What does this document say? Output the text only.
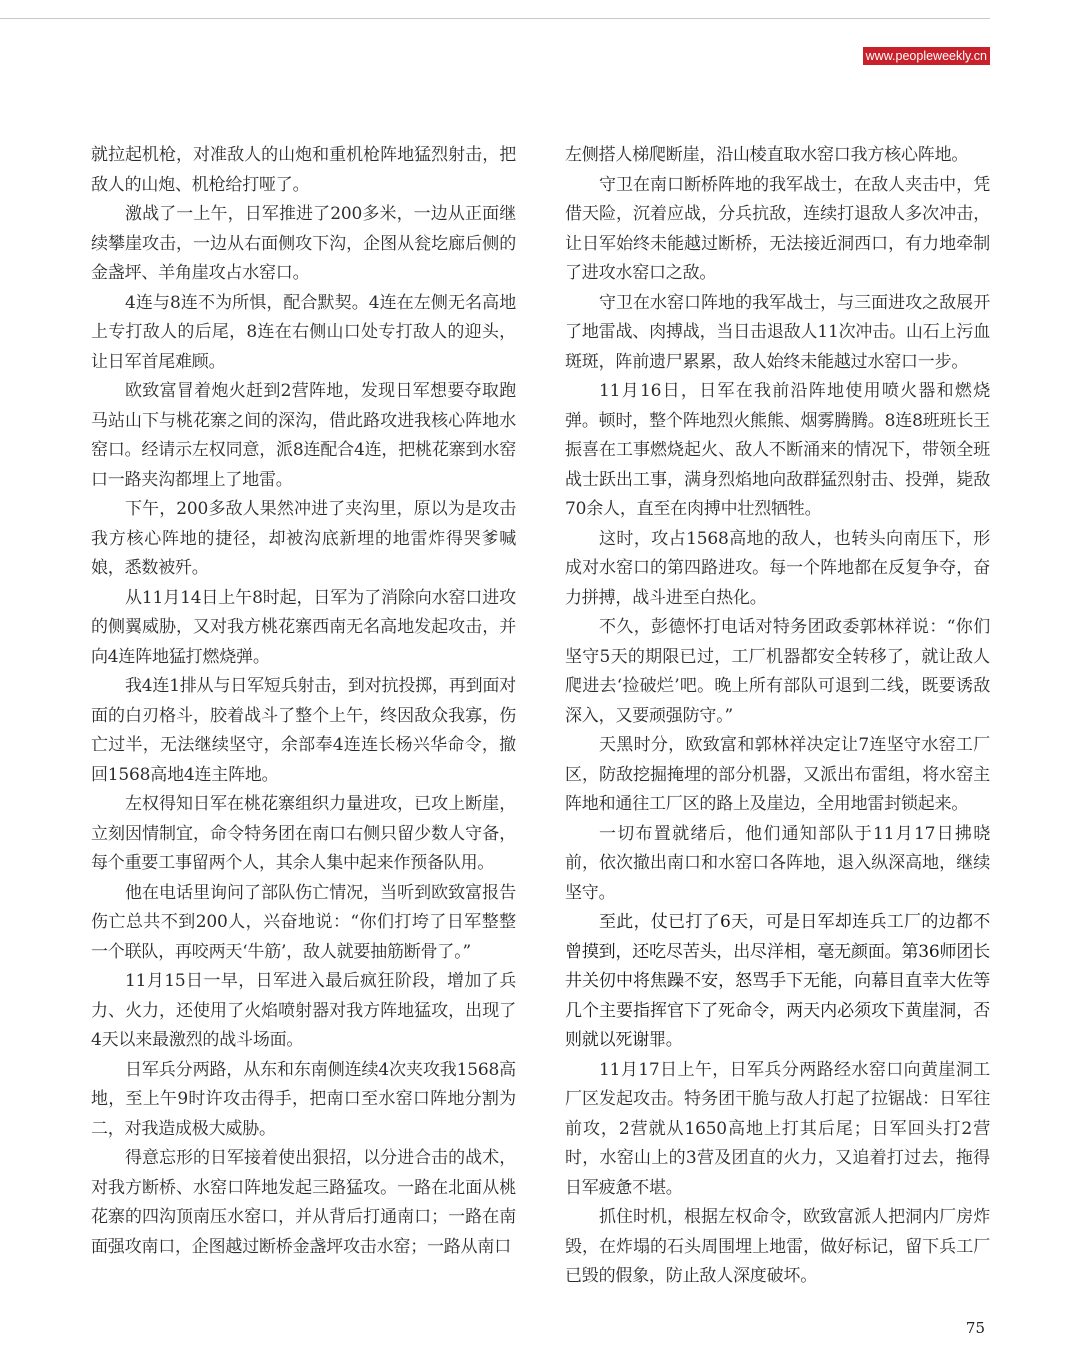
www.peopleweekly.cn

就拉起机枪，对准敌人的山炮和重机枪阵地猛烈射击，把敌人的山炮、机枪给打哑了。

激战了一上午，日军推进了200多米，一边从正面继续攀崖攻击，一边从右面侧攻下沟，企图从瓮圪廊后侧的金盏坪、羊角崖攻占水窑口。

4连与8连不为所惧，配合默契。4连在左侧无名高地上专打敌人的后尾，8连在右侧山口处专打敌人的迎头，让日军首尾难顾。

欧致富冒着炮火赶到2营阵地，发现日军想要夺取跑马站山下与桃花寨之间的深沟，借此路攻进我核心阵地水窑口。经请示左权同意，派8连配合4连，把桃花寨到水窑口一路夹沟都埋上了地雷。

下午，200多敌人果然冲进了夹沟里，原以为是攻击我方核心阵地的捷径，却被沟底新埋的地雷炸得哭爹喊娘，悉数被歼。

从11月14日上午8时起，日军为了消除向水窑口进攻的侧翼威胁，又对我方桃花寨西南无名高地发起攻击，并向4连阵地猛打燃烧弹。

我4连1排从与日军短兵射击，到对抗投掷，再到面对面的白刃格斗，胶着战斗了整个上午，终因敌众我寡，伤亡过半，无法继续坚守，余部奉4连连长杨兴华命令，撤回1568高地4连主阵地。

左权得知日军在桃花寨组织力量进攻，已攻上断崖，立刻因情制宜，命令特务团在南口右侧只留少数人守备，每个重要工事留两个人，其余人集中起来作预备队用。

他在电话里询问了部队伤亡情况，当听到欧致富报告伤亡总共不到200人，兴奋地说：“你们打垮了日军整整一个联队，再咬两天‘牛筋’，敌人就要抽筋断骨了。”

11月15日一早，日军进入最后疯狂阶段，增加了兵力、火力，还使用了火焰喷射器对我方阵地猛攻，出现了4天以来最激烈的战斗场面。

日军兵分两路，从东和东南侧连续4次夹攻我1568高地，至上午9时许攻击得手，把南口至水窑口阵地分割为二，对我造成极大威胁。

得意忘形的日军接着使出狠招，以分进合击的战术，对我方断桥、水窑口阵地发起三路猛攻。一路在北面从桃花寨的四沟顶南压水窑口，并从背后打通南口；一路在南面强攻南口，企图越过断桥金盏坪攻击水窑；一路从南口

左侧搭人梯爬断崖，沿山棱直取水窑口我方核心阵地。

守卫在南口断桥阵地的我军战士，在敌人夹击中，凭借天险，沉着应战，分兵抗敌，连续打退敌人多次冲击，让日军始终未能越过断桥，无法接近洞西口，有力地牵制了进攻水窑口之敌。

守卫在水窑口阵地的我军战士，与三面进攻之敌展开了地雷战、肉搏战，当日击退敌人11次冲击。山石上污血斑斑，阵前遗尸累累，敌人始终未能越过水窑口一步。

11月16日，日军在我前沿阵地使用喷火器和燃烧弹。顿时，整个阵地烈火熊熊、烟雾腾腾。8连8班班长王振喜在工事燃烧起火、敌人不断涌来的情况下，带领全班战士跃出工事，满身烈焰地向敌群猛烈射击、投弹，毙敌70余人，直至在肉搏中壮烈牺牲。

这时，攻占1568高地的敌人，也转头向南压下，形成对水窑口的第四路进攻。每一个阵地都在反复争夺，奋力拼搏，战斗进至白热化。

不久，彭德怀打电话对特务团政委郭林祥说：“你们坚守5天的期限已过，工厂机器都安全转移了，就让敌人爬进去‘捡破烂’吧。晚上所有部队可退到二线，既要诱敌深入，又要顽强防守。”

天黑时分，欧致富和郭林祥决定让7连坚守水窑工厂区，防敌挖掘掩埋的部分机器，又派出布雷组，将水窑主阵地和通往工厂区的路上及崖边，全用地雷封锁起来。

一切布置就绪后，他们通知部队于11月17日拂晓前，依次撤出南口和水窑口各阵地，退入纵深高地，继续坚守。

至此，仗已打了6天，可是日军却连兵工厂的边都不曾摸到，还吃尽苦头，出尽洋相，毫无颜面。第36师团长井关仞中将焦躁不安，怒骂手下无能，向幕目直幸大佐等几个主要指挥官下了死命令，两天内必须攻下黄崖洞，否则就以死谢罪。

11月17日上午，日军兵分两路经水窑口向黄崖洞工厂区发起攻击。特务团干脆与敌人打起了拉锯战：日军往前攻，2营就从1650高地上打其后尾；日军回头打2营时，水窑山上的3营及团直的火力，又追着打过去，拖得日军疲惫不堪。

抓住时机，根据左权命令，欧致富派人把洞内厂房炸毁，在炸塌的石头周围埋上地雷，做好标记，留下兵工厂已毁的假象，防止敌人深度破坏。

75
